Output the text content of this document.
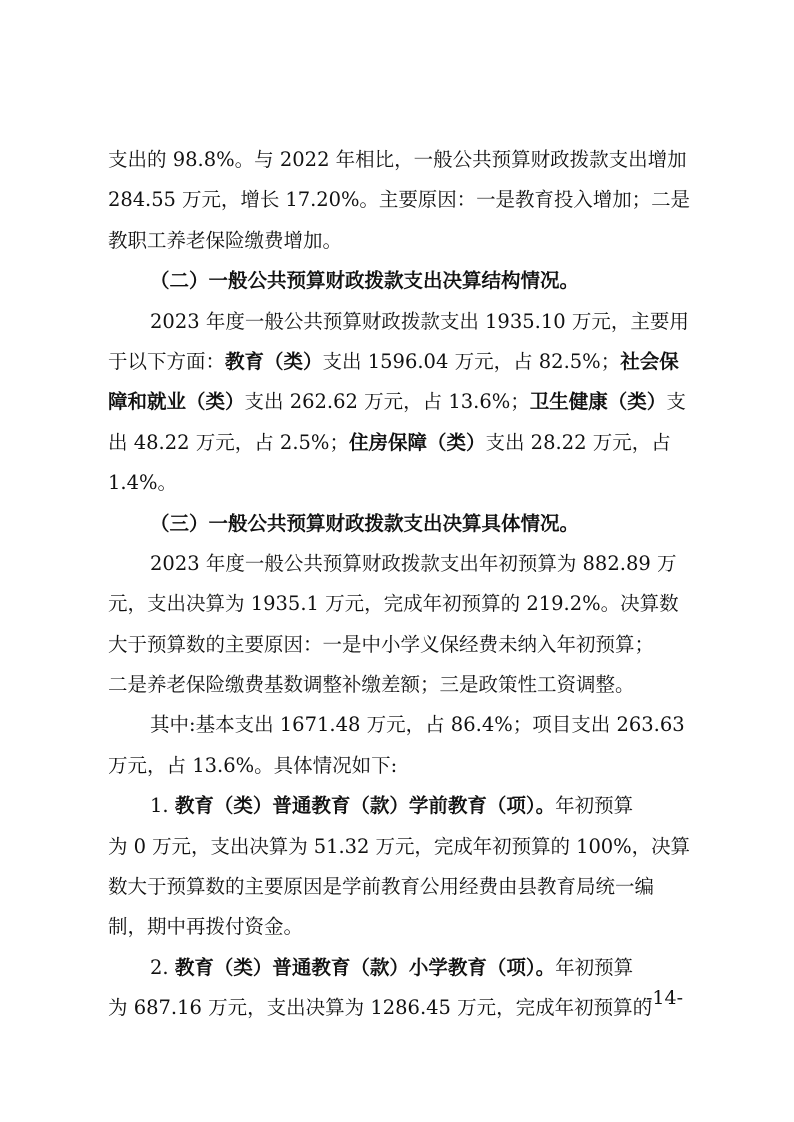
支出的 98.8%。与 2022 年相比，一般公共预算财政拨款支出增加
284.55 万元，增长 17.20%。主要原因：一是教育投入增加；二是
教职工养老保险缴费增加。
（二）一般公共预算财政拨款支出决算结构情况。
2023 年度一般公共预算财政拨款支出 1935.10 万元，主要用
于以下方面：教育（类）支出 1596.04 万元，占 82.5%；社会保
障和就业（类）支出 262.62 万元，占 13.6%；卫生健康（类）支
出 48.22 万元，占 2.5%；住房保障（类）支出 28.22 万元，占
1.4%。
（三）一般公共预算财政拨款支出决算具体情况。
2023 年度一般公共预算财政拨款支出年初预算为 882.89 万
元，支出决算为 1935.1 万元，完成年初预算的 219.2%。决算数
大于预算数的主要原因：一是中小学义保经费未纳入年初预算；
二是养老保险缴费基数调整补缴差额；三是政策性工资调整。
其中:基本支出 1671.48 万元，占 86.4%；项目支出 263.63
万元，占 13.6%。具体情况如下:
1. 教育（类）普通教育（款）学前教育（项）。年初预算
为 0 万元，支出决算为 51.32 万元，完成年初预算的 100%，决算
数大于预算数的主要原因是学前教育公用经费由县教育局统一编
制，期中再拨付资金。
2. 教育（类）普通教育（款）小学教育（项）。年初预算
为 687.16 万元，支出决算为 1286.45 万元，完成年初预算的
-14-
